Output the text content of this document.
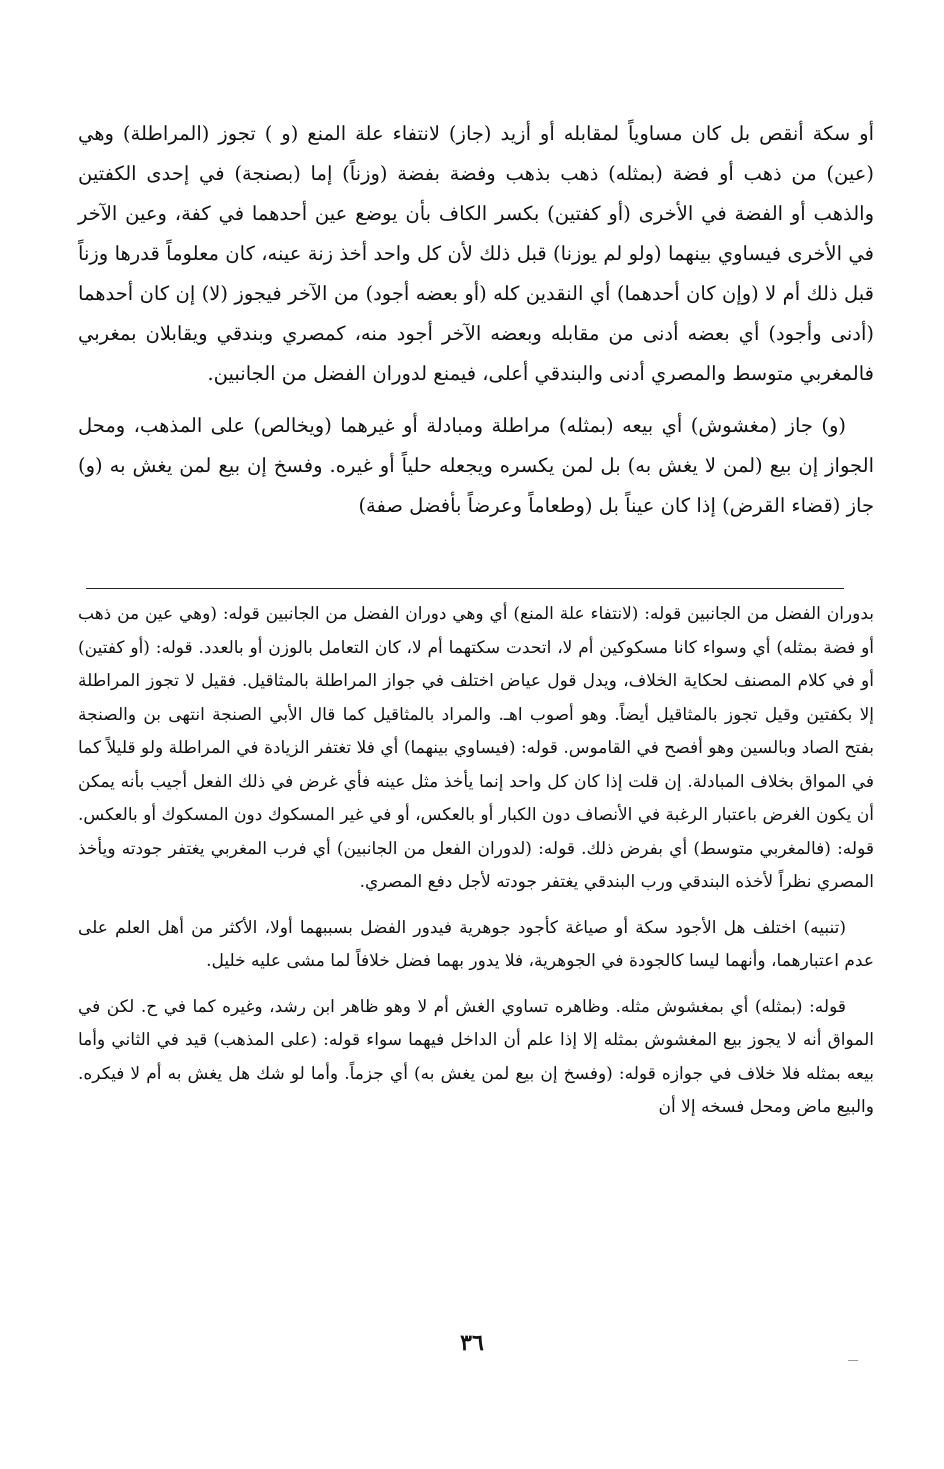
أو سكة أنقص بل كان مساوياً لمقابله أو أزيد (جاز) لانتفاء علة المنع (و ) تجوز (المراطلة) وهي (عين) من ذهب أو فضة (بمثله) ذهب بذهب وفضة بفضة (وزناً) إما (بصنجة) في إحدى الكفتين والذهب أو الفضة في الأخرى (أو كفتين) بكسر الكاف بأن يوضع عين أحدهما في كفة، وعين الآخر في الأخرى فيساوي بينهما (ولو لم يوزنا) قبل ذلك لأن كل واحد أخذ زنة عينه، كان معلوماً قدرها وزناً قبل ذلك أم لا (وإن كان أحدهما) أي النقدين كله (أو بعضه أجود) من الآخر فيجوز (لا) إن كان أحدهما (أدنى وأجود) أي بعضه أدنى من مقابله وبعضه الآخر أجود منه، كمصري وبندقي ويقابلان بمغربي فالمغربي متوسط والمصري أدنى والبندقي أعلى، فيمنع لدوران الفضل من الجانبين.

(و) جاز (مغشوش) أي بيعه (بمثله) مراطلة ومبادلة أو غيرهما (ويخالص) على المذهب، ومحل الجواز إن بيع (لمن لا يغش به) بل لمن يكسره ويجعله حلياً أو غيره. وفسخ إن بيع لمن يغش به (و) جاز (قضاء القرض) إذا كان عيناً بل (وطعاماً وعرضاً بأفضل صفة)

بدوران الفضل من الجانبين قوله: (لانتفاء علة المنع) أي وهي دوران الفضل من الجانبين قوله: (وهي عين من ذهب أو فضة بمثله) أي وسواء كانا مسكوكين أم لا، اتحدت سكتهما أم لا، كان التعامل بالوزن أو بالعدد. قوله: (أو كفتين) أو في كلام المصنف لحكاية الخلاف، ويدل قول عياض اختلف في جواز المراطلة بالمثاقيل. فقيل لا تجوز المراطلة إلا بكفتين وقيل تجوز بالمثاقيل أيضاً. وهو أصوب اهـ. والمراد بالمثاقيل كما قال الأبي الصنجة انتهى بن والصنجة بفتح الصاد وبالسين وهو أفصح في القاموس. قوله: (فيساوي بينهما) أي فلا تغتفر الزيادة في المراطلة ولو قليلاً كما في المواق بخلاف المبادلة. إن قلت إذا كان كل واحد إنما يأخذ مثل عينه فأي غرض في ذلك الفعل أجيب بأنه يمكن أن يكون الغرض باعتبار الرغبة في الأنصاف دون الكبار أو بالعكس، أو في غير المسكوك دون المسكوك أو بالعكس. قوله: (فالمغربي متوسط) أي بفرض ذلك. قوله: (لدوران الفعل من الجانبين) أي فرب المغربي يغتفر جودته ويأخذ المصري نظراً لأخذه البندقي ورب البندقي يغتفر جودته لأجل دفع المصري.

(تنبيه) اختلف هل الأجود سكة أو صياغة كأجود جوهرية فيدور الفضل بسببهما أولا، الأكثر من أهل العلم على عدم اعتبارهما، وأنهما ليسا كالجودة في الجوهرية، فلا يدور بهما فضل خلافاً لما مشى عليه خليل.

قوله: (بمثله) أي بمغشوش مثله. وظاهره تساوي الغش أم لا وهو ظاهر ابن رشد، وغيره كما في ح. لكن في المواق أنه لا يجوز بيع المغشوش بمثله إلا إذا علم أن الداخل فيهما سواء قوله: (على المذهب) قيد في الثاني وأما بيعه بمثله فلا خلاف في جوازه قوله: (وفسخ إن بيع لمن يغش به) أي جزماً. وأما لو شك هل يغش به أم لا فيكره. والبيع ماض ومحل فسخه إلا أن

٣٦
